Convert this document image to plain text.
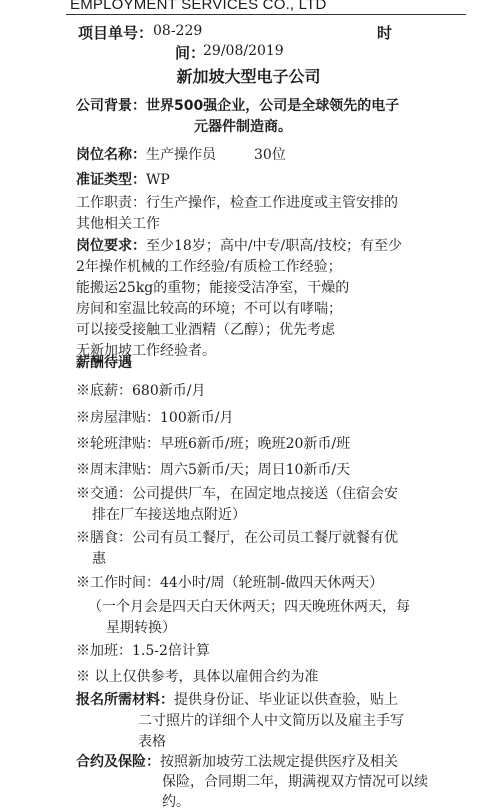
EMPLOYMENT SERVICES CO., LTD
项目单号： 08-229	时
间：
29/08/2019
新加坡大型电子公司
公司背景：世界500强企业，公司是全球领先的电子
元器件制造商。
岗位名称：生产操作员	30位
准证类型：WP
工作职责：行生产操作，检查工作进度或主管安排的
其他相关工作
岗位要求：至少18岁；高中/中专/职高/技校；有至少
2年操作机械的工作经验/有质检工作经验；
能搬运25kg的重物；能接受洁净室，干燥的
房间和室温比较高的环境；不可以有哮喘；
可以接受接触工业酒精（乙醇）；优先考虑
无新加坡工作经验者。
薪酬待遇
※底薪：680新币/月
※房屋津贴：100新币/月
※轮班津贴：早班6新币/班；晚班20新币/班
※周末津贴：周六5新币/天；周日10新币/天
※交通：公司提供厂车，在固定地点接送（住宿会安
排在厂车接送地点附近）
※膳食：公司有员工餐厅，在公司员工餐厅就餐有优
惠
※工作时间：44小时/周（轮班制-做四天休两天）
（一个月会是四天白天休两天；四天晚班休两天，每
星期转换）
※加班：1.5-2倍计算
※ 以上仅供参考，具体以雇佣合约为准
报名所需材料：提供身份证、毕业证以供查验，贴上
二寸照片的详细个人中文简历以及雇主手写
表格
合约及保险：按照新加坡劳工法规定提供医疗及相关
保险，合同期二年，期满视双方情况可以续
约。
